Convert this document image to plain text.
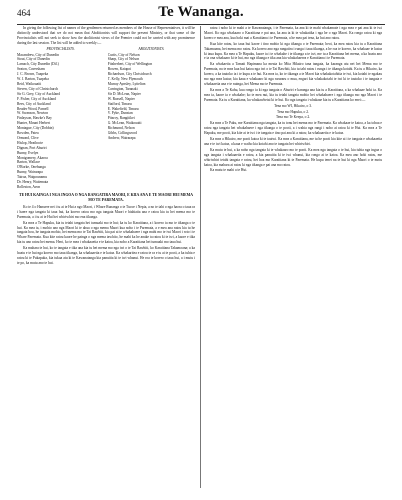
464	Te Wananga.

In giving the following list of names of the gentlemen returned as members of the House of Representatives, it will be distinctly understood that we do not mean that Abolitionists will support the present Ministry, or that some of the Provincialists will not seek to show how the abolitionist views of the Premier could not be carried with any prominence during the last session. The list will be added to weekly:—

PROVINCIALISTS.
Macandrew, City of Dunedin
Stout, City of Dunedin
Larnach, City Dunedin (Dil.)
Seaton, Caversham
J. C. Brown, Tuapeka
W. J. Barton, Tuapeka
Reid, Waikouaiti
Steven, City of Christchurch
Sir G. Grey, City of Auckland
F. Fisher, City of Auckland
Rees, City of Auckland
Reader Wood, Parnell
W. Swanson, Newton
Finlayson, Hawke's Bay
Hunter, Mount Herbert
Montague, City (Dobbin)
Bowden, Patea
Ormond, Clive
Hislop, Heathcote
Dignan, Port Ahuriri
Bunny, Evelyn
Montgomery, Akaroa
Barton, Wallace
O'Rorke, Onehunga
Bunny, Wairarapa
Tairoa, Waipounamu
Dr. Henry, Waitemata
Rolleston, Avon
ABOLITIONISTS.
Curtis, City of Nelson
Sharp, City of Nelson
Fitzherbert, City of Wellington
Bowen, Kaiapoi
Richardson, City Christchurch
T. Kelly, New Plymouth
Murray Aynsley, Lyttelton
Carrington, Taranaki
Sir D. McLean, Napier
W. Russell, Napier
Stafford, Timaru
E. Wakefield, Timaru
V. Pyke, Dunstan
Pitzroy, Rangitikei
G. McLean, Waikouaiti
Richmond, Nelson
Gibbs, Collingwood
Andrew, Wairarapa
TE HUI KAINGA I NGA INGOA O NGA RANGATIRA MAORI, E KIIA ANA E TE MAORI HEI MEMA MO TE PAREMATA.

Ko te 4 o Hanuere nei i tu ai te Hui a ngo Maori, i Whare Runanga o te Tuoce i Nepia, a no te tahi o nga haora o taua ra i haere nga tangata ki taua hui, ka korero ratou mo nga tangata Maori e hiahiatia ana e ratou kia tu hei mema mo te Paremata, a i tu ai te Hui hei whiriwhiri mo ena tikanga.

Ka mea a Te Hapuku, kia tu tetahi tangata hei tumuaki mo te hui; ka tu ko Karaitiana, a i korero ia mo te tikanga o te hui. Ka mea ia, i mohio ano nga Maori ki te ahua o nga mema Maori kua noho i te Paremata, a e mea ana ratou kia tu he tangata hou, he tangata mohio, hei mema mo te Tai Rawhiti, kia pai ai te whakahaere i nga mahi mo te iwi Maori i roto i te Whare Paremata. Kua kite ratou kaore he painga o nga mema tawhito, he mahi ka he anake ta ratou ki te iwi, a kaore e tika kia tu ano ratou hei mema. Heoi, ko te mea i whakaaetia e te katoa, kia noho a Karaitiana hei tumuaki mo taua hui.

Ka mahara te hui, ko te tangata e tika ana kia tu hei mema mo nga iwi o te Tai Rawhiti, ko Karaitiana Takamoana; a ka hoatu e te hui nga korero mo taua tikanga, ka whakaaetia e te katoa. Ka whakaritea e ratou te ra e tu ai te pooti, a ka tuhia e ratou ki te Pukapuka, kia tukua atu ki te Kawanatanga kia panuitia ki te iwi whanui. He roa te korero o taua hui, a i mutu i te po, ka mutu ano te hui.

ratou i noho ki te mahi a te Kawanatanga, i te Paremata, ka ana ki te mahi whakamate i nga mea e pai ana ki te iwi Maori. Ko nga whakaaro o Karaitiana e pai ana, ka ana ia ki te whakatika i nga he o nga Maori. Ka rongo ratou ki nga korero e mea ana, kua hoki mai a Karaitiana i te Paremata, a he mea pai tena, ka hui ano ratou.

Kua kite ratou, ko taua hui kaore i tino mohio ki nga tikanga o te Paremata; heoi, ka mea ratou kia tu a Karaitiana Takamoana, hei mema mo ratou. Ka korero ano nga rangatira i runga i taua tikanga, a he roa te korero, ka whakaae te katoa ki taua kupu. Ka mea a Te Hapuku, kaore ia i te whakahe i te tikanga a te iwi, me tu a Karaitiana hei mema, a ka hoatu ano e ia ona whakaaro ki te hui, mo nga tikanga e tika ana kia whakahaerea e Karaitiana i te Paremata.

Ka whakaetia a Tamati Hapimana ka meaia ko Mita Hikairo tana tangata, ka karanga atu nei hei Mema mo te Paremata, na te mea kua hui katoa nga iwi o te Tai Rawhiti, kia tu tahi ratou i runga i te tikanga kotahi. Ka tu a Hikairo, ka korero, a ka tautoko ia i te kupu a te hui. Ka mea ia, ko te tikanga a te Maori kia whakakotahitia te iwi, kia kotahi te ngakau mo nga mea katoa; kia kaua e whakaaro ki nga raruraru o mua, engari kia whakakotahi te iwi ki te tautoko i te tangata e whakaaetia ana e te nuinga, hei Mema mo te Paremata.

Ka mea a Te Kahu, kua rongo ia ki nga tangata o Ahuriri e karanga ana kia tu a Karaitiana, a ka whakaae hoki ia. Ka mea ia, kaore ia e whakahe; ko te mea nui, kia tu tetahi tangata mohio hei whakahaere i nga tikanga mo nga Maori i te Paremata. Ka tu a Karaitiana, ka whakawhetai ki te hui. Ko nga tangata i whakaae kia tu a Karaitiana ko enei:—

Tena mo WI, Hikairo, o 3.
Tena mo Hapuku, o 2.
Tena mo Te Keepa, o 2.

Ka mea a Te Paku, me Karaitiana nga tangata, ka tu tonu hei mema mo te Paremata. Ka whakaae te katoa, a ka tohua e ratou nga tangata hei whakahaere i nga tikanga o te pooti, a i wahia nga rangi i noho ai ratou ki te Hui. Ka mea a Te Hapuku, me pooti, kia kite ai te iwi i te tangata e tino pai ana ki a ratou; ka whakaaetia e te katoa.

Ka mea a Hikairo, me pooti katoa ki te tauiwi. Ka mea a Karaitiana, me tu he pooti kia kite ai i te tangata e whakaaetia ana e te iwi katoa, a kaua e waiho kia kotahi ano te tangata hei whiriwhiri.

Ka mutu te hui, a ka noho nga tangata ki te whakaaro mo te pooti. Ka mea nga tangata o te hui, kia tuhia nga ingoa o nga tangata i whakaaetia e ratou, a kia panuitia ki te iwi whanui, kia rongo ai te katoa. Ka mea ano hoki ratou, me whiriwhiri tetahi tangata e ratou, hei hoa mo Karaitiana ki te Paremata. He kupu tenei na te hui ki nga Maori o te motu katoa, kia mahara ai ratou ki nga tikanga e pai ana mo ratou.

Ka mutu te mahi a te Hui.
